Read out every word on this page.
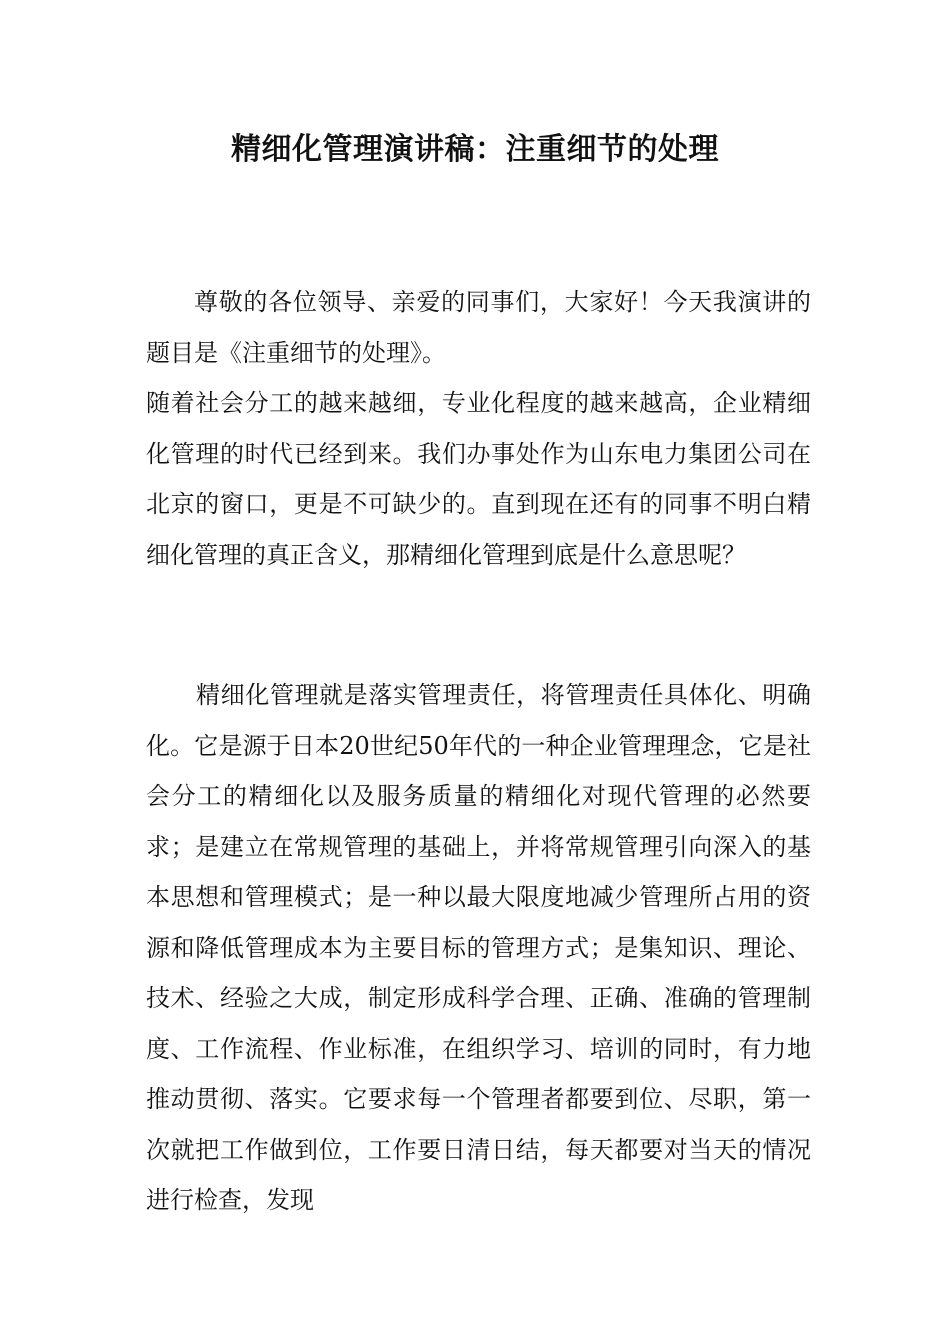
精细化管理演讲稿：注重细节的处理

尊敬的各位领导、亲爱的同事们，大家好！今天我演讲的题目是《注重细节的处理》。

随着社会分工的越来越细，专业化程度的越来越高，企业精细化管理的时代已经到来。我们办事处作为山东电力集团公司在北京的窗口，更是不可缺少的。直到现在还有的同事不明白精细化管理的真正含义，那精细化管理到底是什么意思呢？

精细化管理就是落实管理责任，将管理责任具体化、明确化。它是源于日本20世纪50年代的一种企业管理理念，它是社会分工的精细化以及服务质量的精细化对现代管理的必然要求；是建立在常规管理的基础上，并将常规管理引向深入的基本思想和管理模式；是一种以最大限度地减少管理所占用的资源和降低管理成本为主要目标的管理方式；是集知识、理论、技术、经验之大成，制定形成科学合理、正确、准确的管理制度、工作流程、作业标准，在组织学习、培训的同时，有力地推动贯彻、落实。它要求每一个管理者都要到位、尽职，第一次就把工作做到位，工作要日清日结，每天都要对当天的情况进行检查，发现
